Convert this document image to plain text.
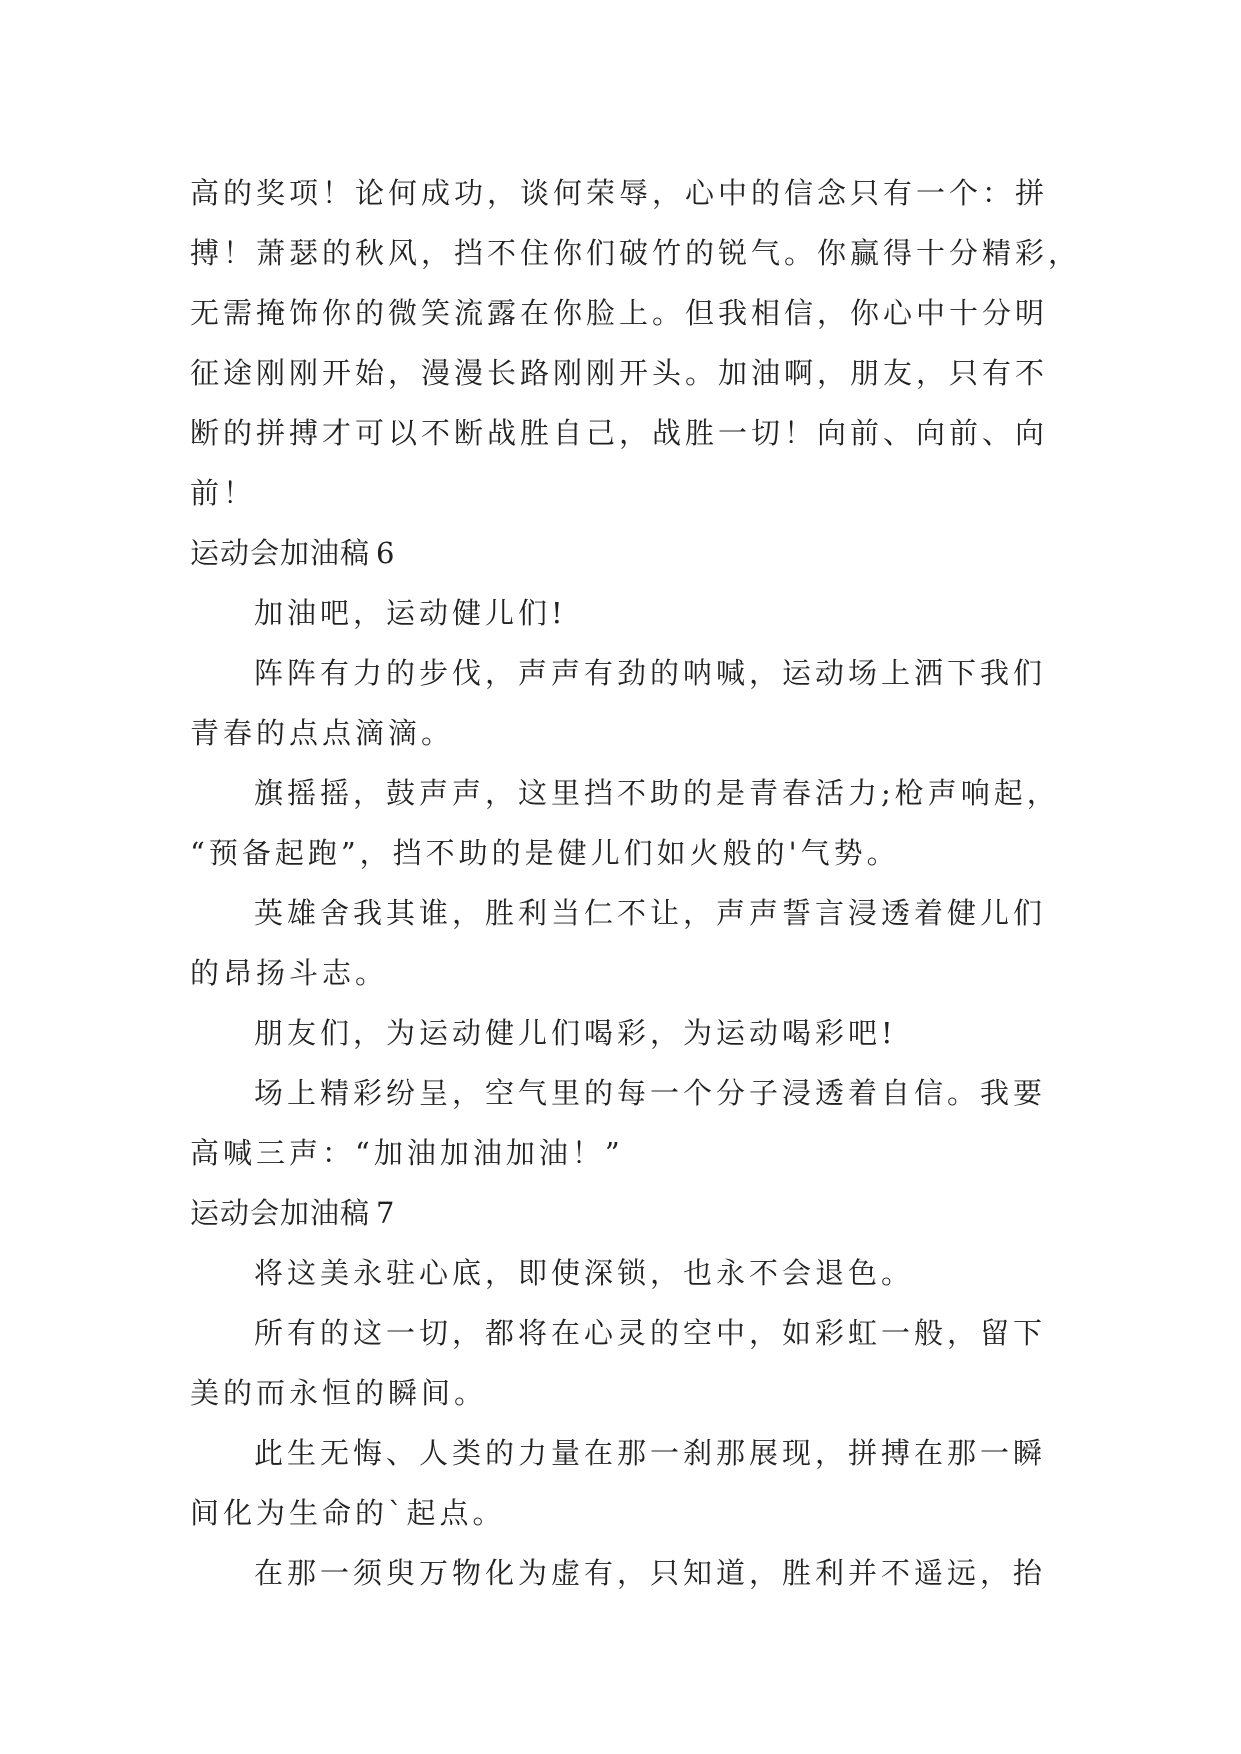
高的奖项！论何成功，谈何荣辱，心中的信念只有一个：拼
搏！萧瑟的秋风，挡不住你们破竹的锐气。你赢得十分精彩，
无需掩饰你的微笑流露在你脸上。但我相信，你心中十分明
征途刚刚开始，漫漫长路刚刚开头。加油啊，朋友，只有不
断的拼搏才可以不断战胜自己，战胜一切！向前、向前、向
前！
运动会加油稿 6
加油吧，运动健儿们!
阵阵有力的步伐，声声有劲的呐喊，运动场上洒下我们
青春的点点滴滴。
旗摇摇，鼓声声，这里挡不助的是青春活力;枪声响起，
“预备起跑”，挡不助的是健儿们如火般的'气势。
英雄舍我其谁，胜利当仁不让，声声誓言浸透着健儿们
的昂扬斗志。
朋友们，为运动健儿们喝彩，为运动喝彩吧!
场上精彩纷呈，空气里的每一个分子浸透着自信。我要
高喊三声：“加油加油加油！”
运动会加油稿 7
将这美永驻心底，即使深锁，也永不会退色。
所有的这一切，都将在心灵的空中，如彩虹一般，留下
美的而永恒的瞬间。
此生无悔、人类的力量在那一刹那展现，拼搏在那一瞬
间化为生命的`起点。
在那一须臾万物化为虚有，只知道，胜利并不遥远，抬
